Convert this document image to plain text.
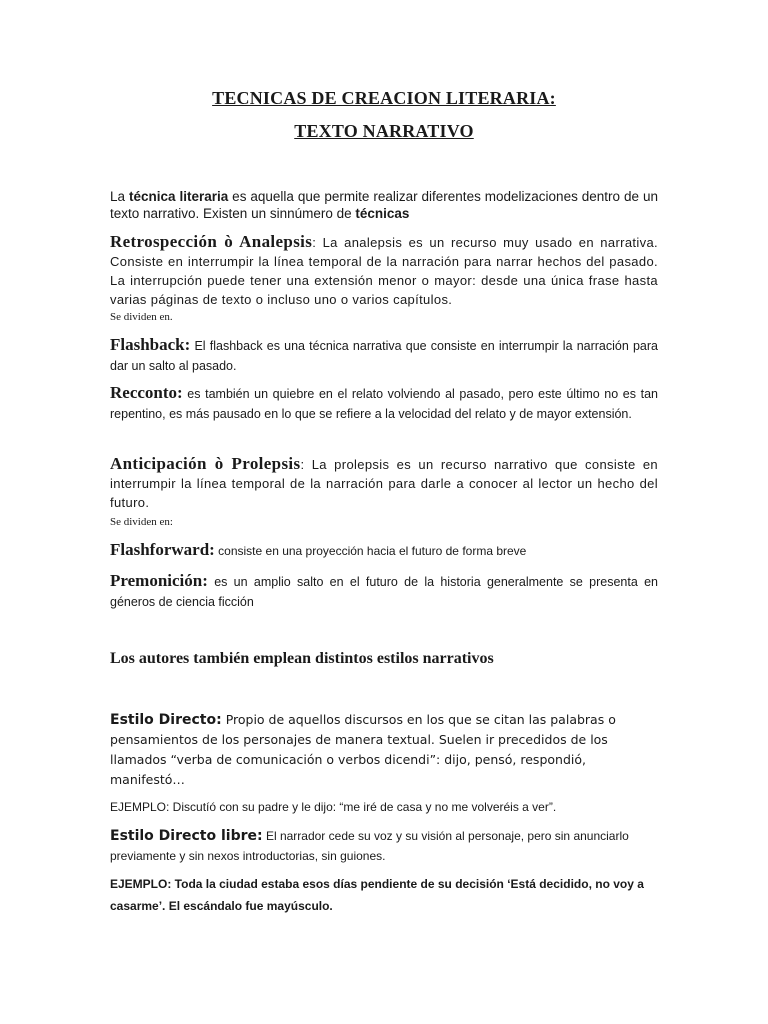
TECNICAS DE CREACION LITERARIA:
TEXTO NARRATIVO
La técnica literaria es aquella que permite realizar diferentes modelizaciones dentro de un texto narrativo. Existen un sinnúmero de técnicas
Retrospección ò Analepsis: La analepsis es un recurso muy usado en narrativa. Consiste en interrumpir la línea temporal de la narración para narrar hechos del pasado. La interrupción puede tener una extensión menor o mayor: desde una única frase hasta varias páginas de texto o incluso uno o varios capítulos.
Se dividen en.
Flashback: El flashback es una técnica narrativa que consiste en interrumpir la narración para dar un salto al pasado.
Recconto: es también un quiebre en el relato volviendo al pasado, pero este último no es tan repentino, es más pausado en lo que se refiere a la velocidad del relato y de mayor extensión.
Anticipación ò Prolepsis: La prolepsis es un recurso narrativo que consiste en interrumpir la línea temporal de la narración para darle a conocer al lector un hecho del futuro.
Se dividen en:
Flashforward: consiste en una proyección hacia el futuro de forma breve
Premonición: es un amplio salto en el futuro de la historia generalmente se presenta en géneros de ciencia ficción
Los autores también emplean distintos estilos narrativos
Estilo Directo: Propio de aquellos discursos en los que se citan las palabras o pensamientos de los personajes de manera textual. Suelen ir precedidos de los llamados “verba de comunicación o verbos dicendi”: dijo, pensó, respondió, manifestó…
EJEMPLO: Discutíó con su padre y le dijo: “me iré de casa y no me volveréis a ver”.
Estilo Directo libre: El narrador cede su voz y su visión al personaje, pero sin anunciarlo previamente y sin nexos introductorias, sin guiones.
EJEMPLO: Toda la ciudad estaba esos días pendiente de su decisión ‘Está decidido, no voy a casarme’. El escándalo fue mayúsculo.
